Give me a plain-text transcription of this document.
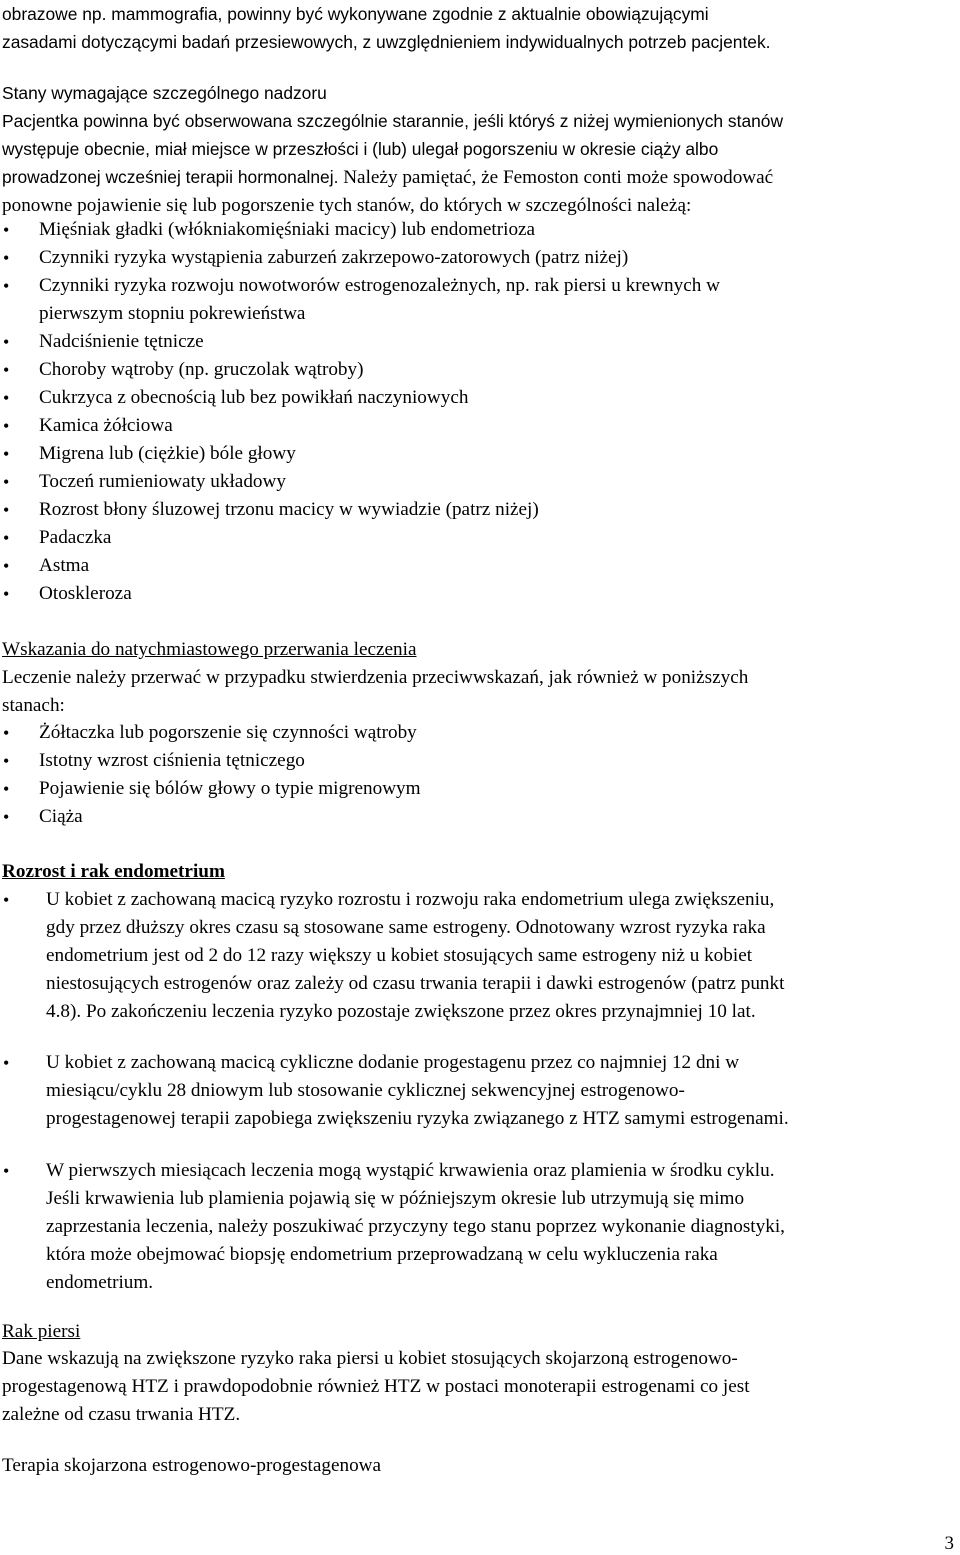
obrazowe np. mammografia, powinny być wykonywane zgodnie z aktualnie obowiązującymi
zasadami dotyczącymi badań przesiewowych, z uwzględnieniem indywidualnych potrzeb pacjentek.
Stany wymagające szczególnego nadzoru
Pacjentka powinna być obserwowana szczególnie starannie, jeśli któryś z niżej wymienionych stanów
występuje obecnie, miał miejsce w przeszłości i (lub) ulegał pogorszeniu w okresie ciąży albo
prowadzonej wcześniej terapii hormonalnej. Należy pamiętać, że Femoston conti może spowodować
ponowne pojawienie się lub pogorszenie tych stanów, do których w szczególności należą:
• Mięśniak gładki (włókniakomięśniaki macicy) lub endometrioza
• Czynniki ryzyka wystąpienia zaburzeń zakrzepowo-zatorowych (patrz niżej)
• Czynniki ryzyka rozwoju nowotworów estrogenozależnych, np. rak piersi u krewnych w
pierwszym stopniu pokrewieństwa
• Nadciśnienie tętnicze
• Choroby wątroby (np. gruczolak wątroby)
• Cukrzyca z obecnością lub bez powikłań naczyniowych
• Kamica żółciowa
• Migrena lub (ciężkie) bóle głowy
• Toczeń rumieniowaty układowy
• Rozrost błony śluzowej trzonu macicy w wywiadzie (patrz niżej)
• Padaczka
• Astma
• Otoskleroza
Wskazania do natychmiastowego przerwania leczenia
Leczenie należy przerwać w przypadku stwierdzenia przeciwwskazań, jak również w poniższych
stanach:
• Żółtaczka lub pogorszenie się czynności wątroby
• Istotny wzrost ciśnienia tętniczego
• Pojawienie się bólów głowy o typie migrenowym
• Ciąża
Rozrost i rak endometrium
• U kobiet z zachowaną macicą ryzyko rozrostu i rozwoju raka endometrium ulega zwiększeniu,
gdy przez dłuższy okres czasu są stosowane same estrogeny. Odnotowany wzrost ryzyka raka
endometrium jest od 2 do 12 razy większy u kobiet stosujących same estrogeny niż u kobiet
niestosujących estrogenów oraz zależy od czasu trwania terapii i dawki estrogenów (patrz punkt
4.8). Po zakończeniu leczenia ryzyko pozostaje zwiększone przez okres przynajmniej 10 lat.
• U kobiet z zachowaną macicą cykliczne dodanie progestagenu przez co najmniej 12 dni w
miesiącu/cyklu 28 dniowym lub stosowanie cyklicznej sekwencyjnej estrogenowo-
progestagenowej terapii zapobiega zwiększeniu ryzyka związanego z HTZ samymi estrogenami.
• W pierwszych miesiącach leczenia mogą wystąpić krwawienia oraz plamienia w środku cyklu.
Jeśli krwawienia lub plamienia pojawią się w późniejszym okresie lub utrzymują się mimo
zaprzestania leczenia, należy poszukiwać przyczyny tego stanu poprzez wykonanie diagnostyki,
która może obejmować biopsję endometrium przeprowadzaną w celu wykluczenia raka
endometrium.
Rak piersi
Dane wskazują na zwiększone ryzyko raka piersi u kobiet stosujących skojarzoną estrogenowo-
progestagenową HTZ i prawdopodobnie również HTZ w postaci monoterapii estrogenami co jest
zależne od czasu trwania HTZ.
Terapia skojarzona estrogenowo-progestagenowa
3
